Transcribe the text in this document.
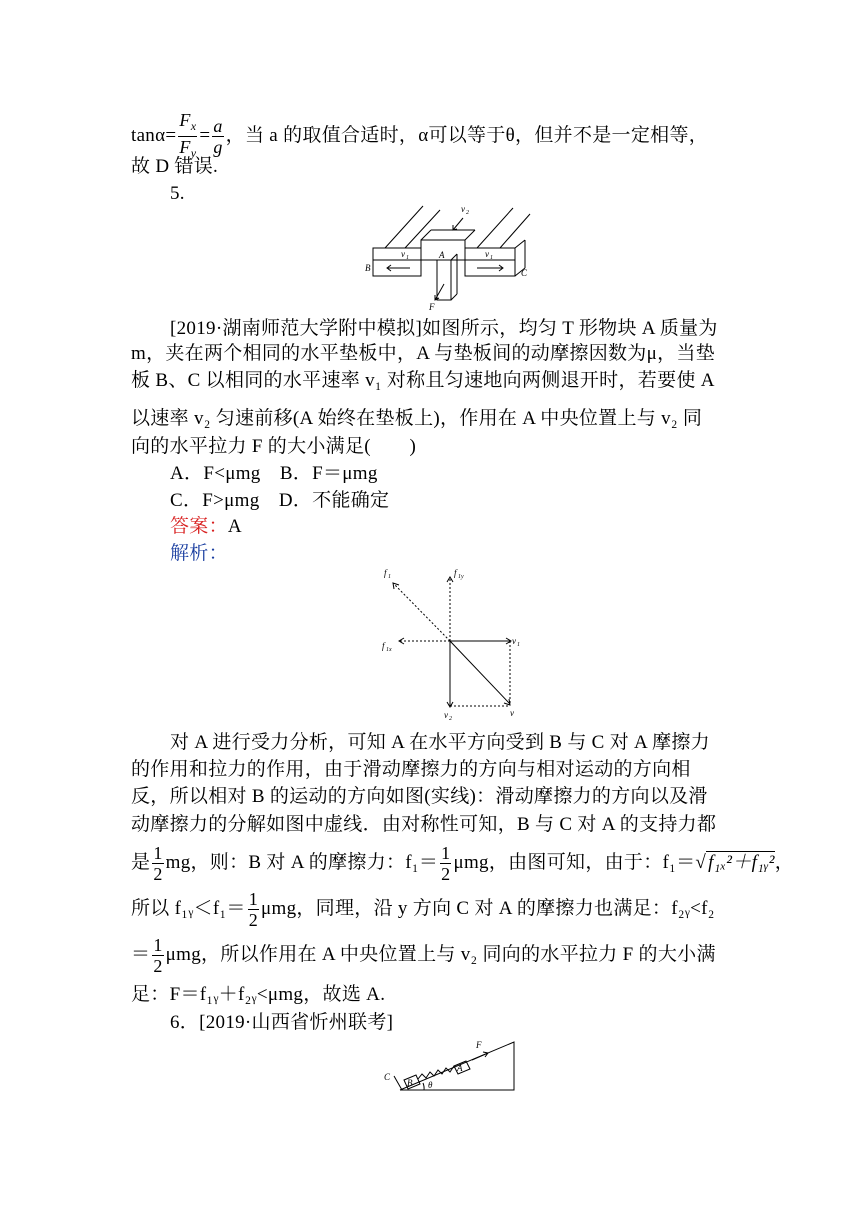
$\tan\alpha= \frac{F_x}{F_y} = \frac{a}{g}$ ，当 a 的取值合适时，α可以等于θ，但并不是一定相等，
故 D 错误.
5.
v 2
v 1	v 1
B
A
C
F
[2019·湖南师范大学附中模拟]如图所示，均匀 T 形物块 A 质量为
m，夹在两个相同的水平垫板中，A 与垫板间的动摩擦因数为μ，当垫
板 B、C 以相同的水平速率 v₁ 对称且匀速地向两侧退开时，若要使 A
以速率 v₂ 匀速前移(A 始终在垫板上)，作用在 A 中央位置上与 v₂ 同
向的水平拉力 F 的大小满足(　　)
A．F<μmg　B．F＝μmg
C．F>μmg　D．不能确定
答案：A
解析：
f 1	f 1y
f 1x
v 1
v 2
v
对 A 进行受力分析，可知 A 在水平方向受到 B 与 C 对 A 摩擦力
的作用和拉力的作用，由于滑动摩擦力的方向与相对运动的方向相
反，所以相对 B 的运动的方向如图(实线)：滑动摩擦力的方向以及滑
动摩擦力的分解如图中虚线．由对称性可知，B 与 C 对 A 的支持力都
是 $\frac{1}{2}$ mg，则：B 对 A 的摩擦力：$f_1= \frac{1}{2}$ μmg，由图可知，由于：f₁＝√ f₁ₓ²＋f₁ᵧ²，
所以 f₁ᵧ＜f₁＝ $\frac{1}{2}$ μmg，同理，沿 y 方向 C 对 A 的摩擦力也满足：f₂ᵧ<f₂
＝ $\frac{1}{2}$ μmg，所以作用在 A 中央位置上与 v₂ 同向的水平拉力 F 的大小满
足：F＝f₁ᵧ＋f₂ᵧ<μmg，故选 A.
6．[2019·山西省忻州联考]
C
B
A
F
θ
